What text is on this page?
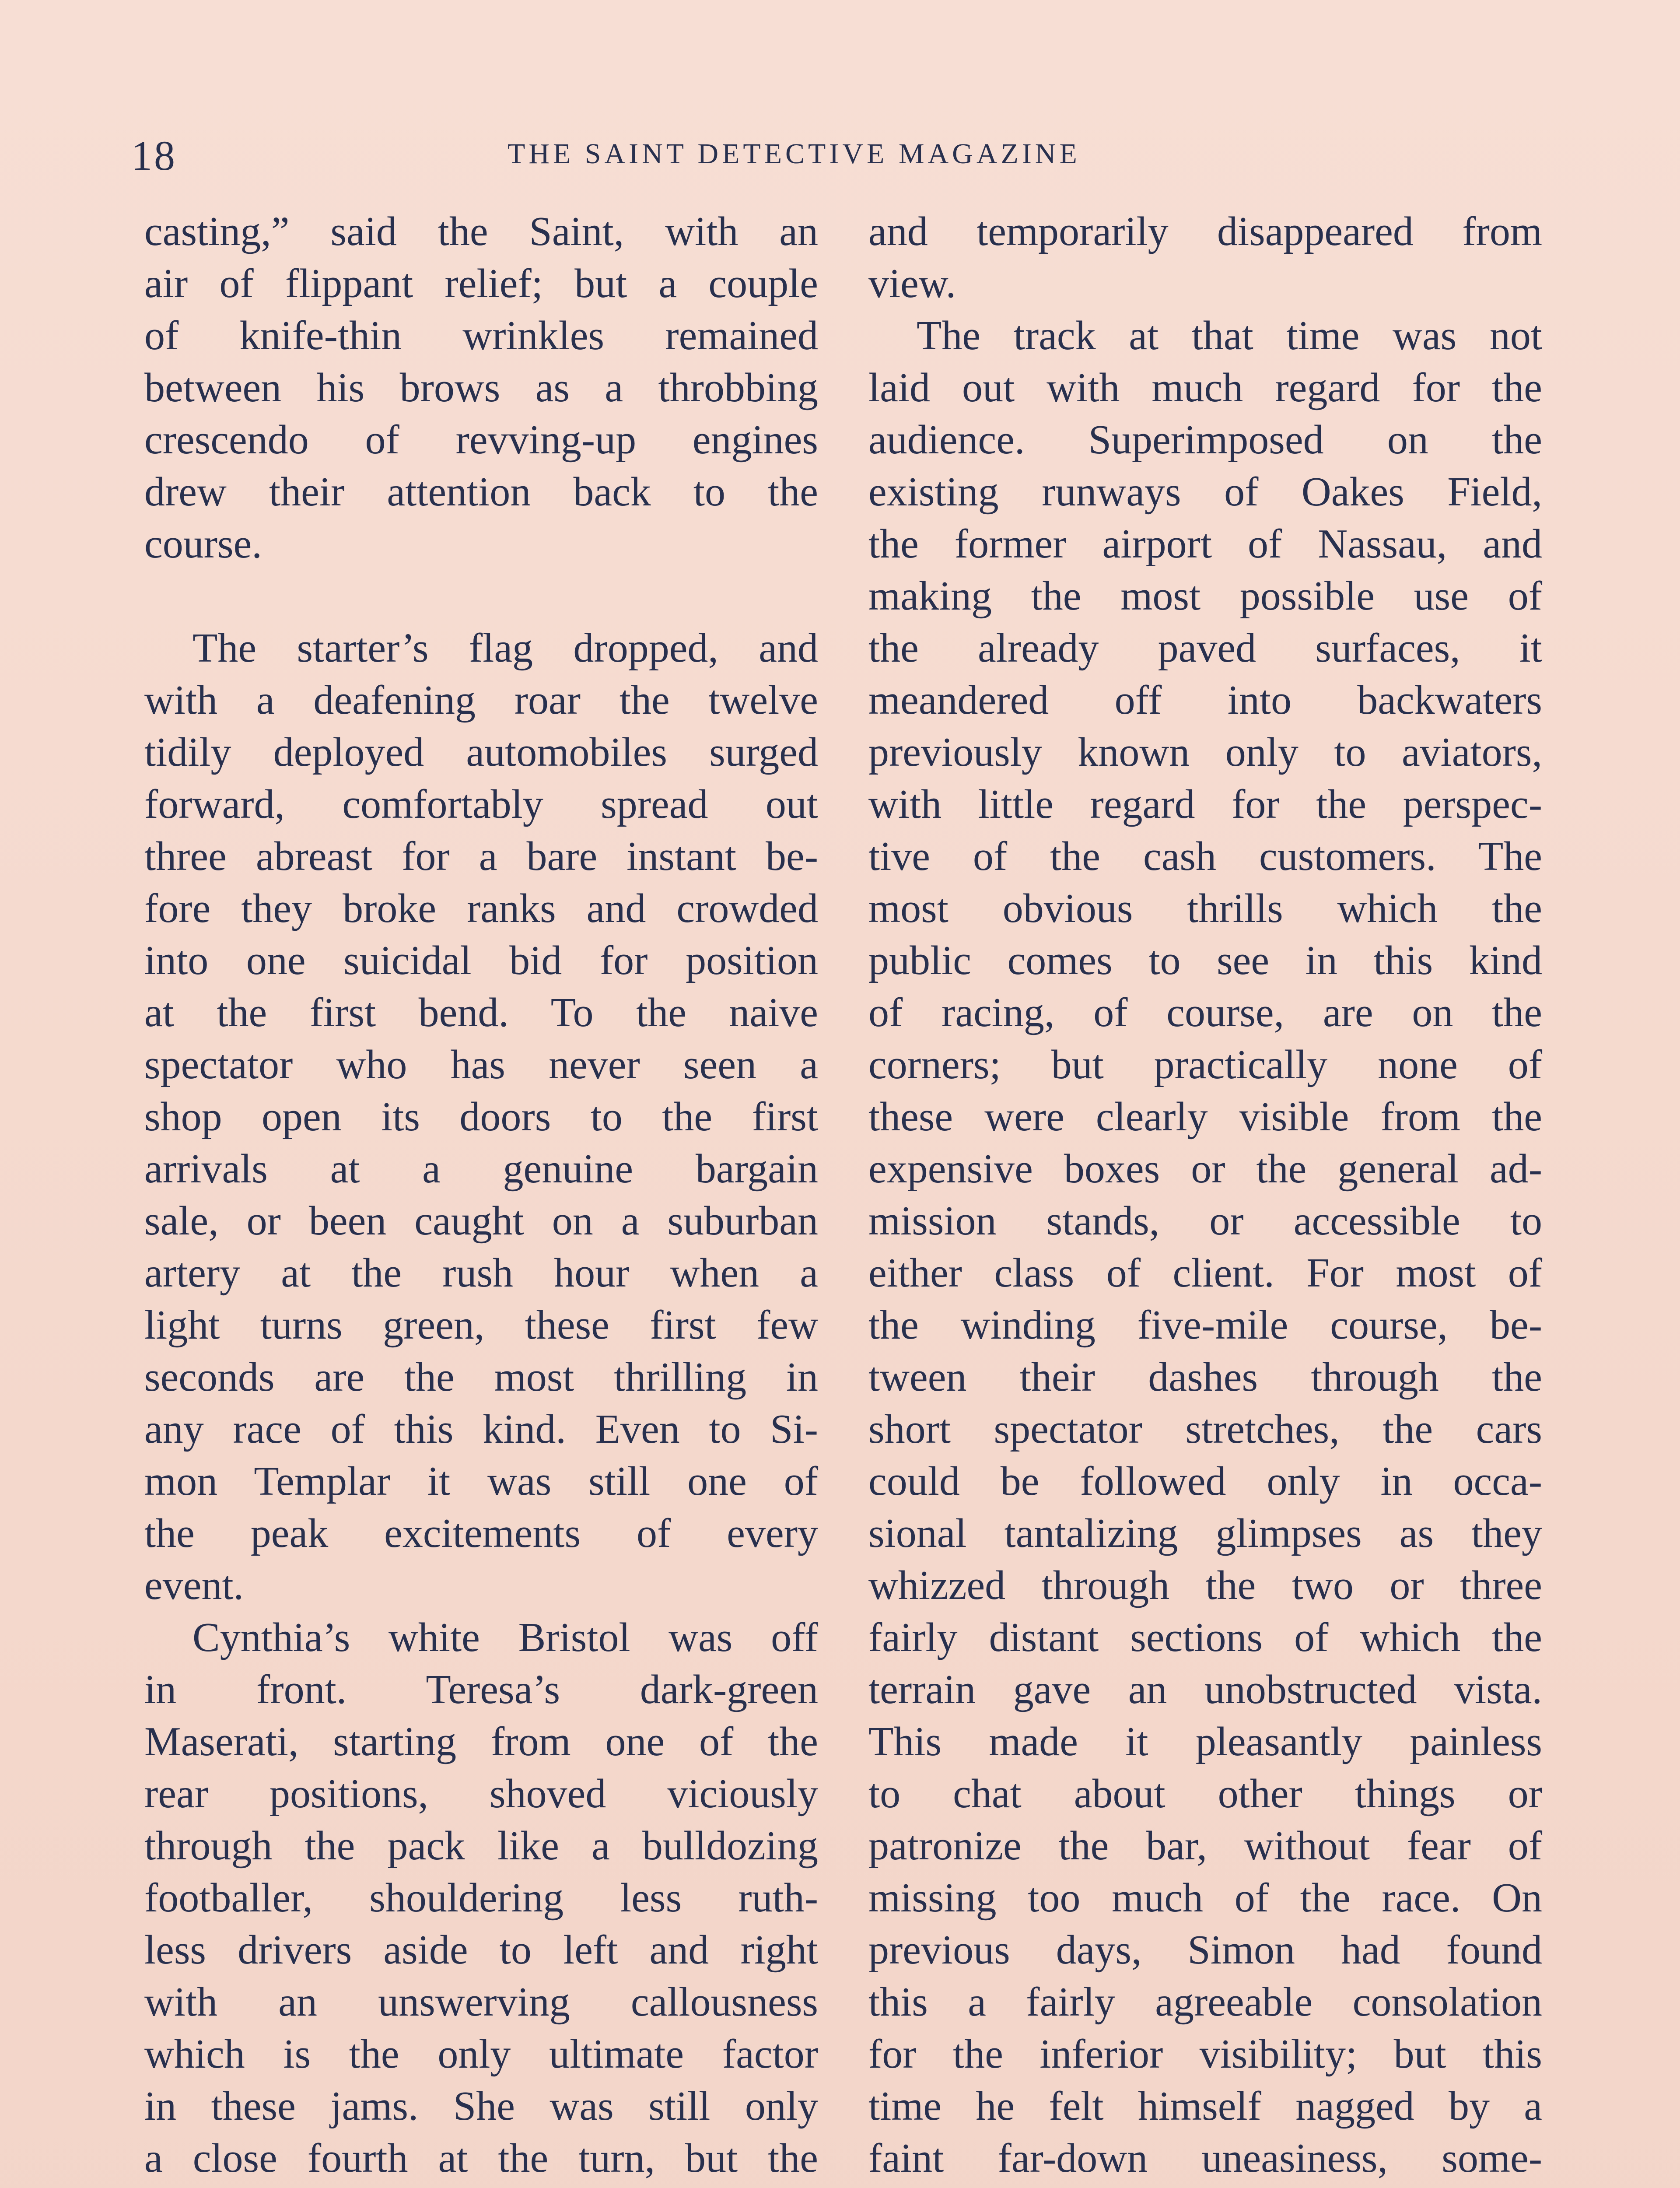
18	THE SAINT DETECTIVE MAGAZINE
casting,” said the Saint, with an
air of flippant relief; but a couple
of knife-thin wrinkles remained
between his brows as a throbbing
crescendo of revving-up engines
drew their attention back to the
course.
The starter’s flag dropped, and
with a deafening roar the twelve
tidily deployed automobiles surged
forward, comfortably spread out
three abreast for a bare instant be-
fore they broke ranks and crowded
into one suicidal bid for position
at the first bend. To the naive
spectator who has never seen a
shop open its doors to the first
arrivals at a genuine bargain
sale, or been caught on a suburban
artery at the rush hour when a
light turns green, these first few
seconds are the most thrilling in
any race of this kind. Even to Si-
mon Templar it was still one of
the peak excitements of every
event.
Cynthia’s white Bristol was off
in front. Teresa’s dark-green
Maserati, starting from one of the
rear positions, shoved viciously
through the pack like a bulldozing
footballer, shouldering less ruth-
less drivers aside to left and right
with an unswerving callousness
which is the only ultimate factor
in these jams. She was still only
a close fourth at the turn, but the
and temporarily disappeared from
view.
The track at that time was not
laid out with much regard for the
audience. Superimposed on the
existing runways of Oakes Field,
the former airport of Nassau, and
making the most possible use of
the already paved surfaces, it
meandered off into backwaters
previously known only to aviators,
with little regard for the perspec-
tive of the cash customers. The
most obvious thrills which the
public comes to see in this kind
of racing, of course, are on the
corners; but practically none of
these were clearly visible from the
expensive boxes or the general ad-
mission stands, or accessible to
either class of client. For most of
the winding five-mile course, be-
tween their dashes through the
short spectator stretches, the cars
could be followed only in occa-
sional tantalizing glimpses as they
whizzed through the two or three
fairly distant sections of which the
terrain gave an unobstructed vista.
This made it pleasantly painless
to chat about other things or
patronize the bar, without fear of
missing too much of the race. On
previous days, Simon had found
this a fairly agreeable consolation
for the inferior visibility; but this
time he felt himself nagged by a
faint far-down uneasiness, some-
